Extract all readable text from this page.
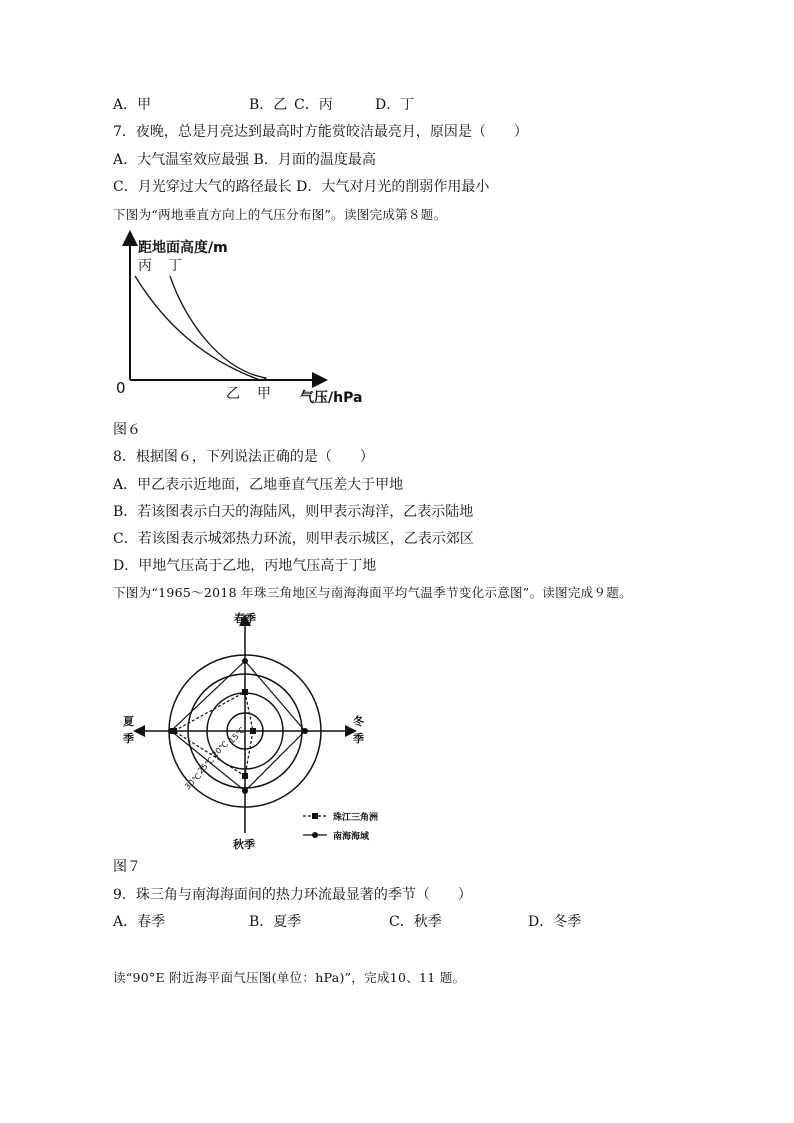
A．甲	B．乙 C．丙	D．丁
7．夜晚，总是月亮达到最高时方能赏皎洁最亮月，原因是（　　）
A．大气温室效应最强 B．月面的温度最高
C．月光穿过大气的路径最长 D．大气对月光的削弱作用最小
下图为“两地垂直方向上的气压分布图”。读图完成第８题。
距地面高度/m
丙 丁
0	乙 甲 气压/hPa
图６
8．根据图６，下列说法正确的是（　　）
A．甲乙表示近地面，乙地垂直气压差大于甲地
B．若该图表示白天的海陆风，则甲表示海洋，乙表示陆地
C．若该图表示城郊热力环流，则甲表示城区，乙表示郊区
D．甲地气压高于乙地，丙地气压高于丁地
下图为“1965～2018 年珠三角地区与南海海面平均气温季节变化示意图”。读图完成９题。
春季
夏
季
冬
季
秋季
15℃
20℃
25℃
30℃
珠江三角洲
南海海域
图７
9．珠三角与南海海面间的热力环流最显著的季节（　　）
A．春季	B．夏季	C．秋季	D．冬季
读“90°E 附近海平面气压图(单位：hPa)”，完成10、11 题。
